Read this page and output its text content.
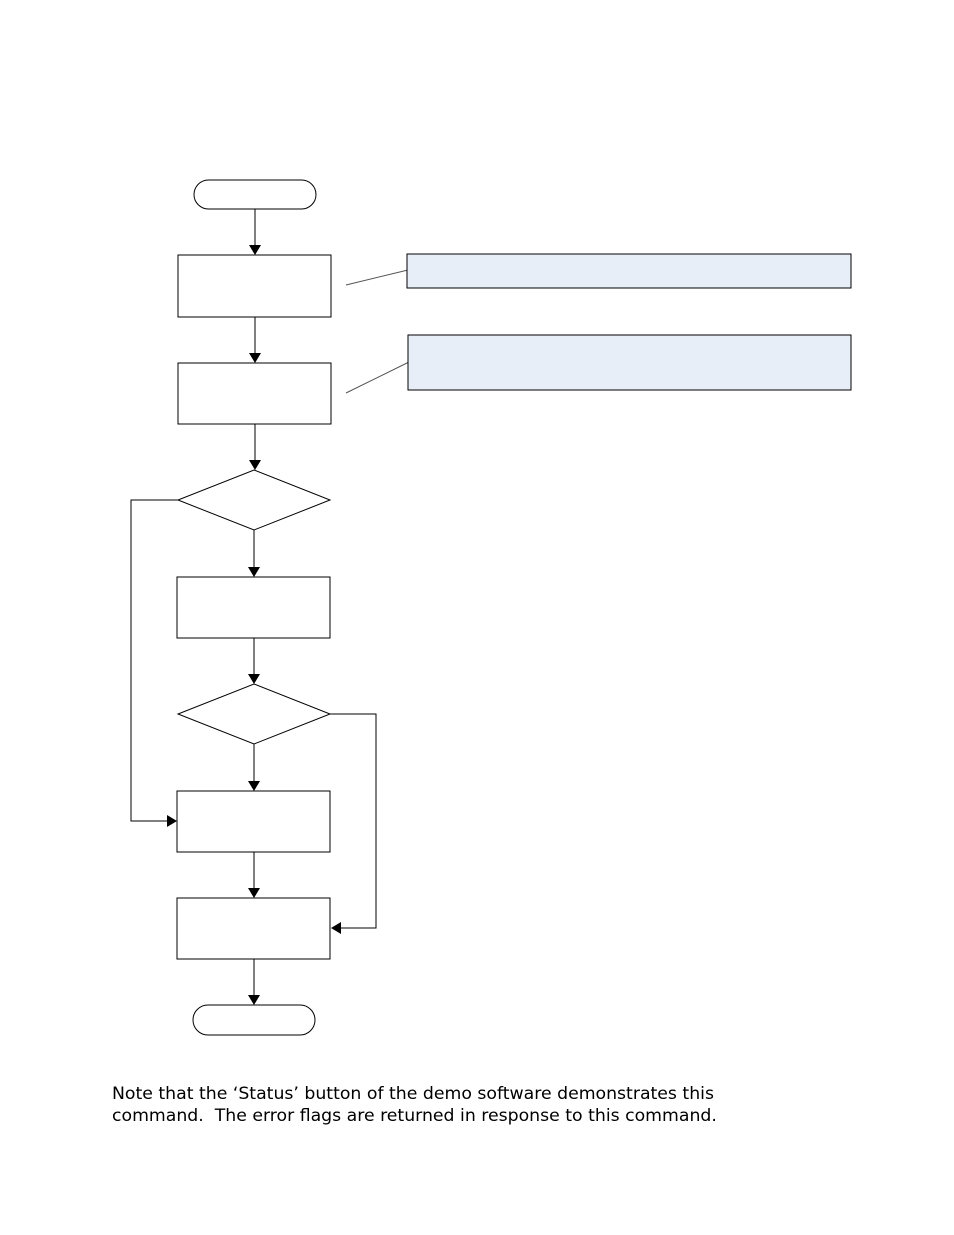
Note that the ‘Status’ button of the demo software demonstrates this
command.  The error flags are returned in response to this command.
